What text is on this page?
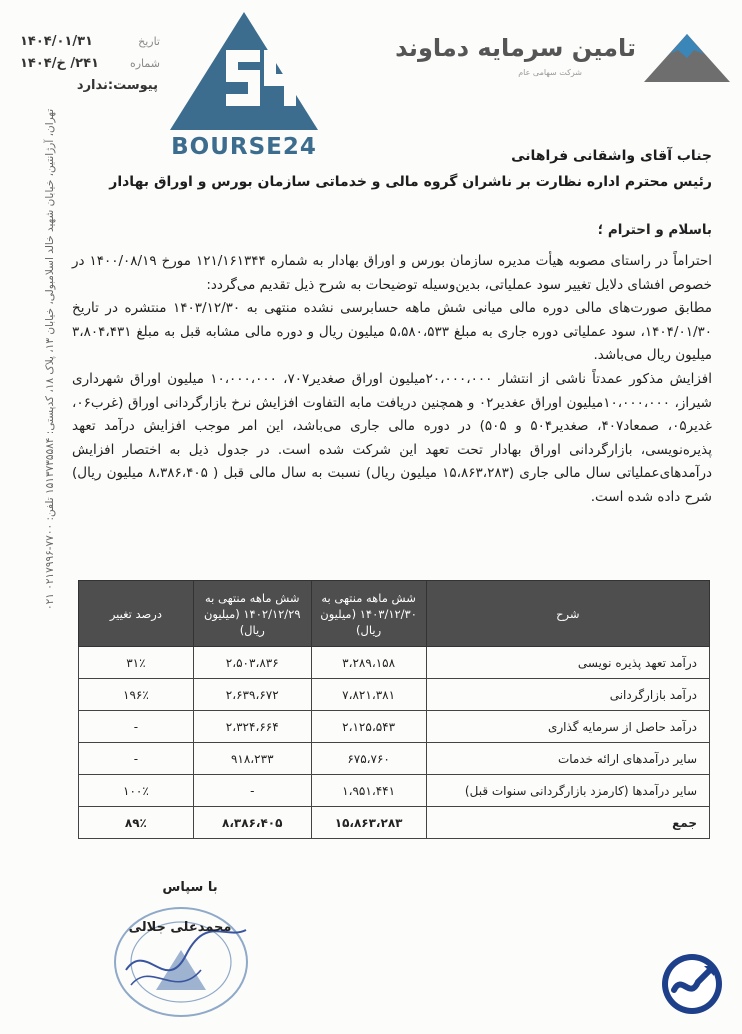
تاریخ
۱۴۰۴/۰۱/۳۱
شماره
۲۴۱/ خ/۱۴۰۴
پیوست:ندارد
BOURSE24
تامین سرمایه دماوند
شرکت سهامی عام
جناب آقای واشقانی فراهانی
رئیس محترم اداره نظارت بر ناشران گروه مالی و خدماتی سازمان بورس و اوراق بهادار
باسلام و احترام ؛

احتراماً در راستای مصوبه هیأت مدیره سازمان بورس و اوراق بهادار به شماره ۱۲۱/۱۶۱۳۴۴ مورخ ۱۴۰۰/۰۸/۱۹ در خصوص افشای دلایل تغییر سود عملیاتی، بدین‌وسیله توضیحات به شرح ذیل تقدیم می‌گردد:

مطابق صورت‌های مالی دوره مالی میانی شش ماهه حسابرسی نشده منتهی به ۱۴۰۳/۱۲/۳۰ منتشره در تاریخ ۱۴۰۴/۰۱/۳۰، سود عملیاتی دوره جاری به مبلغ ۵،۵۸۰،۵۳۳ میلیون ریال و دوره مالی مشابه قبل به مبلغ ۳،۸۰۴،۴۳۱ میلیون ریال می‌باشد.

افزایش مذکور عمدتاً ناشی از انتشار ۲۰،۰۰۰،۰۰۰میلیون اوراق صغدیر۷۰۷، ۱۰،۰۰۰،۰۰۰ میلیون اوراق شهرداری شیراز، ۱۰،۰۰۰،۰۰۰میلیون اوراق عغدیر۰۲ و همچنین دریافت مابه التفاوت افزایش نرخ بازارگردانی اوراق (غرب۰۶، غدیر۰۵، صمعاد۴۰۷، صغدیر۵۰۴ و ۵۰۵) در دوره مالی جاری می‌باشد، این امر موجب افزایش درآمد تعهد پذیره‌نویسی، بازارگردانی اوراق بهادار تحت تعهد این شرکت شده است. در جدول ذیل به اختصار افزایش درآمدهای‌عملیاتی سال مالی جاری (۱۵،۸۶۳،۲۸۳ میلیون ریال) نسبت به سال مالی قبل ( ۸،۳۸۶،۴۰۵ میلیون ریال) شرح داده شده است.

شرح	شش ماهه منتهی به ۱۴۰۳/۱۲/۳۰ (میلیون ریال)	شش ماهه منتهی به ۱۴۰۲/۱۲/۲۹ (میلیون ریال)	درصد تغییر
درآمد تعهد پذیره نویسی	۳،۲۸۹،۱۵۸	۲،۵۰۳،۸۳۶	۳۱٪
درآمد بازارگردانی	۷،۸۲۱،۳۸۱	۲،۶۳۹،۶۷۲	۱۹۶٪
درآمد حاصل از سرمایه گذاری	۲،۱۲۵،۵۴۳	۲،۳۲۴،۶۶۴	-
سایر درآمدهای ارائه خدمات	۶۷۵،۷۶۰	۹۱۸،۲۳۳	-
سایر درآمدها (کارمزد بازارگردانی سنوات قبل)	۱،۹۵۱،۴۴۱	-	۱۰۰٪
جمع	۱۵،۸۶۳،۲۸۳	۸،۳۸۶،۴۰۵	۸۹٪
تهران، آرژانتین، خیابان شهید خالد اسلامبولی، خیابان ۱۳، پلاک ۱۸، کدپستی: ۱۵۱۳۷۳۵۵۸۴ تلفن: ۷۷۰۰-۰۲۱۷۹۹۶ ۰۲۱
با سپاس
محمدعلی جلالی
